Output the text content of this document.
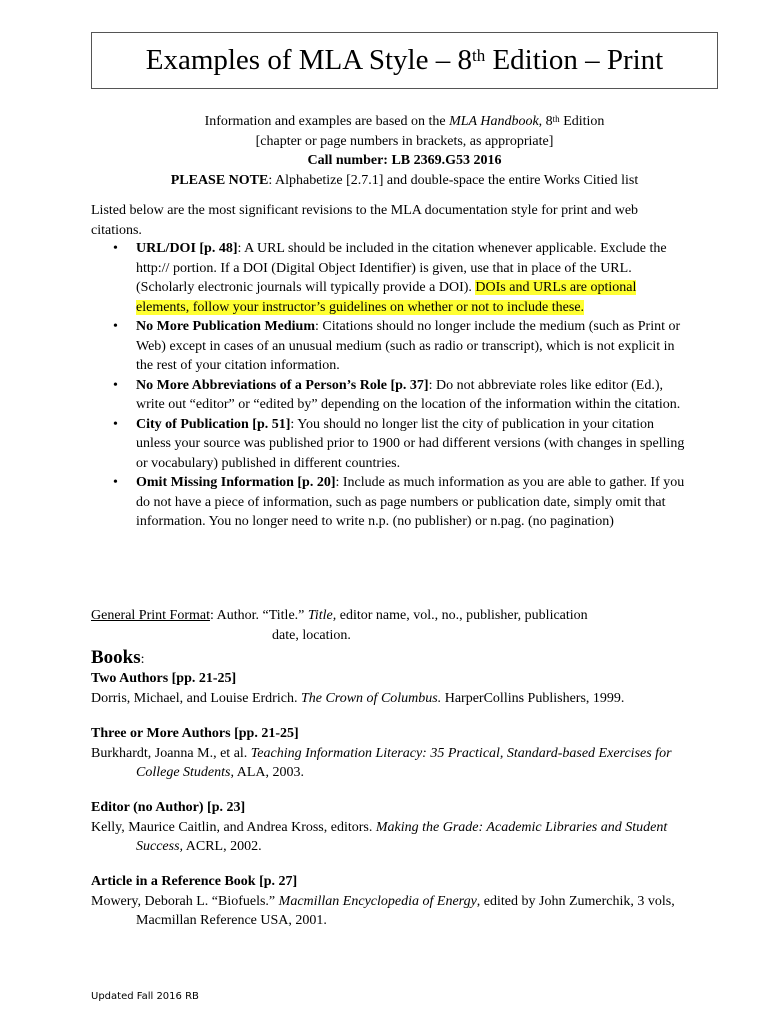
Examples of MLA Style – 8th Edition – Print
Information and examples are based on the MLA Handbook, 8th Edition
[chapter or page numbers in brackets, as appropriate]
Call number: LB 2369.G53 2016
PLEASE NOTE: Alphabetize [2.7.1] and double-space the entire Works Citied list
Listed below are the most significant revisions to the MLA documentation style for print and web citations.
• URL/DOI [p. 48]: A URL should be included in the citation whenever applicable. Exclude the http:// portion. If a DOI (Digital Object Identifier) is given, use that in place of the URL. (Scholarly electronic journals will typically provide a DOI). DOIs and URLs are optional elements, follow your instructor’s guidelines on whether or not to include these.
• No More Publication Medium: Citations should no longer include the medium (such as Print or Web) except in cases of an unusual medium (such as radio or transcript), which is not explicit in the rest of your citation information.
• No More Abbreviations of a Person’s Role [p. 37]: Do not abbreviate roles like editor (Ed.), write out “editor” or “edited by” depending on the location of the information within the citation.
• City of Publication [p. 51]: You should no longer list the city of publication in your citation unless your source was published prior to 1900 or had different versions (with changes in spelling or vocabulary) published in different countries.
• Omit Missing Information [p. 20]: Include as much information as you are able to gather. If you do not have a piece of information, such as page numbers or publication date, simply omit that information. You no longer need to write n.p. (no publisher) or n.pag. (no pagination)
General Print Format: Author. “Title.” Title, editor name, vol., no., publisher, publication
date, location.
Books:
Two Authors [pp. 21-25]
Dorris, Michael, and Louise Erdrich. The Crown of Columbus. HarperCollins Publishers, 1999.
Three or More Authors [pp. 21-25]
Burkhardt, Joanna M., et al. Teaching Information Literacy: 35 Practical, Standard-based Exercises for College Students, ALA, 2003.
Editor (no Author) [p. 23]
Kelly, Maurice Caitlin, and Andrea Kross, editors. Making the Grade: Academic Libraries and Student Success, ACRL, 2002.
Article in a Reference Book [p. 27]
Mowery, Deborah L. “Biofuels.” Macmillan Encyclopedia of Energy, edited by John Zumerchik, 3 vols, Macmillan Reference USA, 2001.
Updated Fall 2016 RB
